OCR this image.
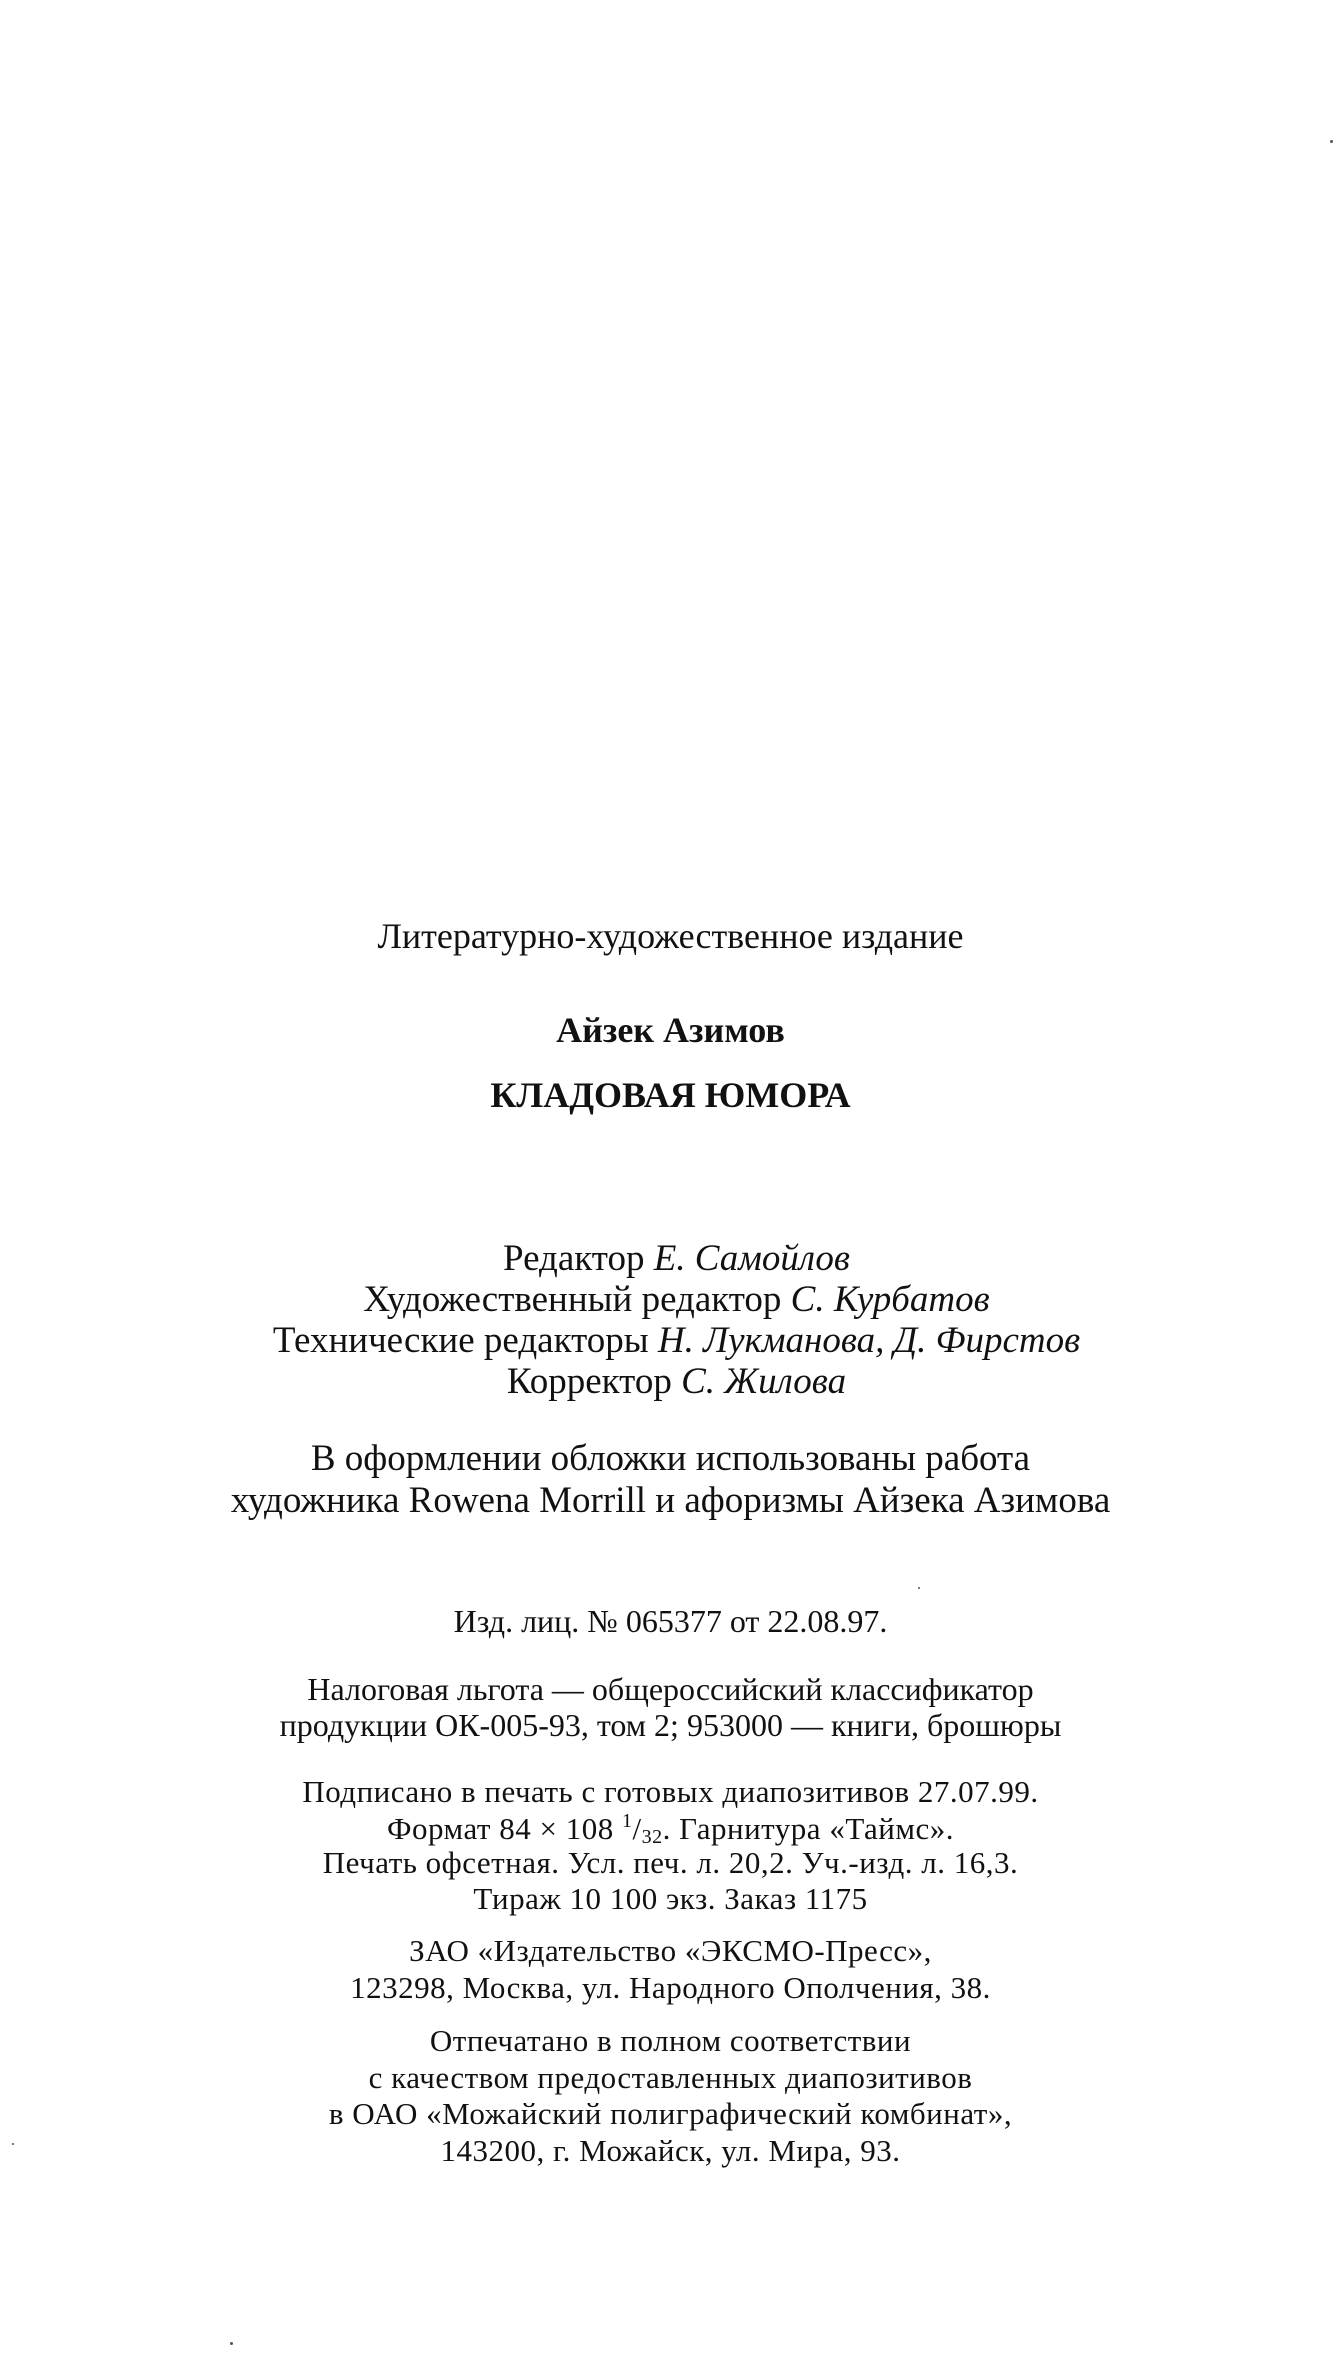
Литературно-художественное издание
Айзек Азимов
КЛАДОВАЯ ЮМОРА
Редактор Е. Самойлов
Художественный редактор С. Курбатов
Технические редакторы Н. Лукманова, Д. Фирстов
Корректор С. Жилова
В оформлении обложки использованы работа
художника Rowena Morrill и афоризмы Айзека Азимова
Изд. лиц. № 065377 от 22.08.97.
Налоговая льгота — общероссийский классификатор
продукции ОК-005-93, том 2; 953000 — книги, брошюры
Подписано в печать с готовых диапозитивов 27.07.99.
Формат 84 × 108 $^1/_{32}$. Гарнитура «Таймс».
Печать офсетная. Усл. печ. л. 20,2. Уч.-изд. л. 16,3.
Тираж 10 100 экз. Заказ 1175
ЗАО «Издательство «ЭКСМО-Пресс»,
123298, Москва, ул. Народного Ополчения, 38.
Отпечатано в полном соответствии
с качеством предоставленных диапозитивов
в ОАО «Можайский полиграфический комбинат»,
143200, г. Можайск, ул. Мира, 93.
